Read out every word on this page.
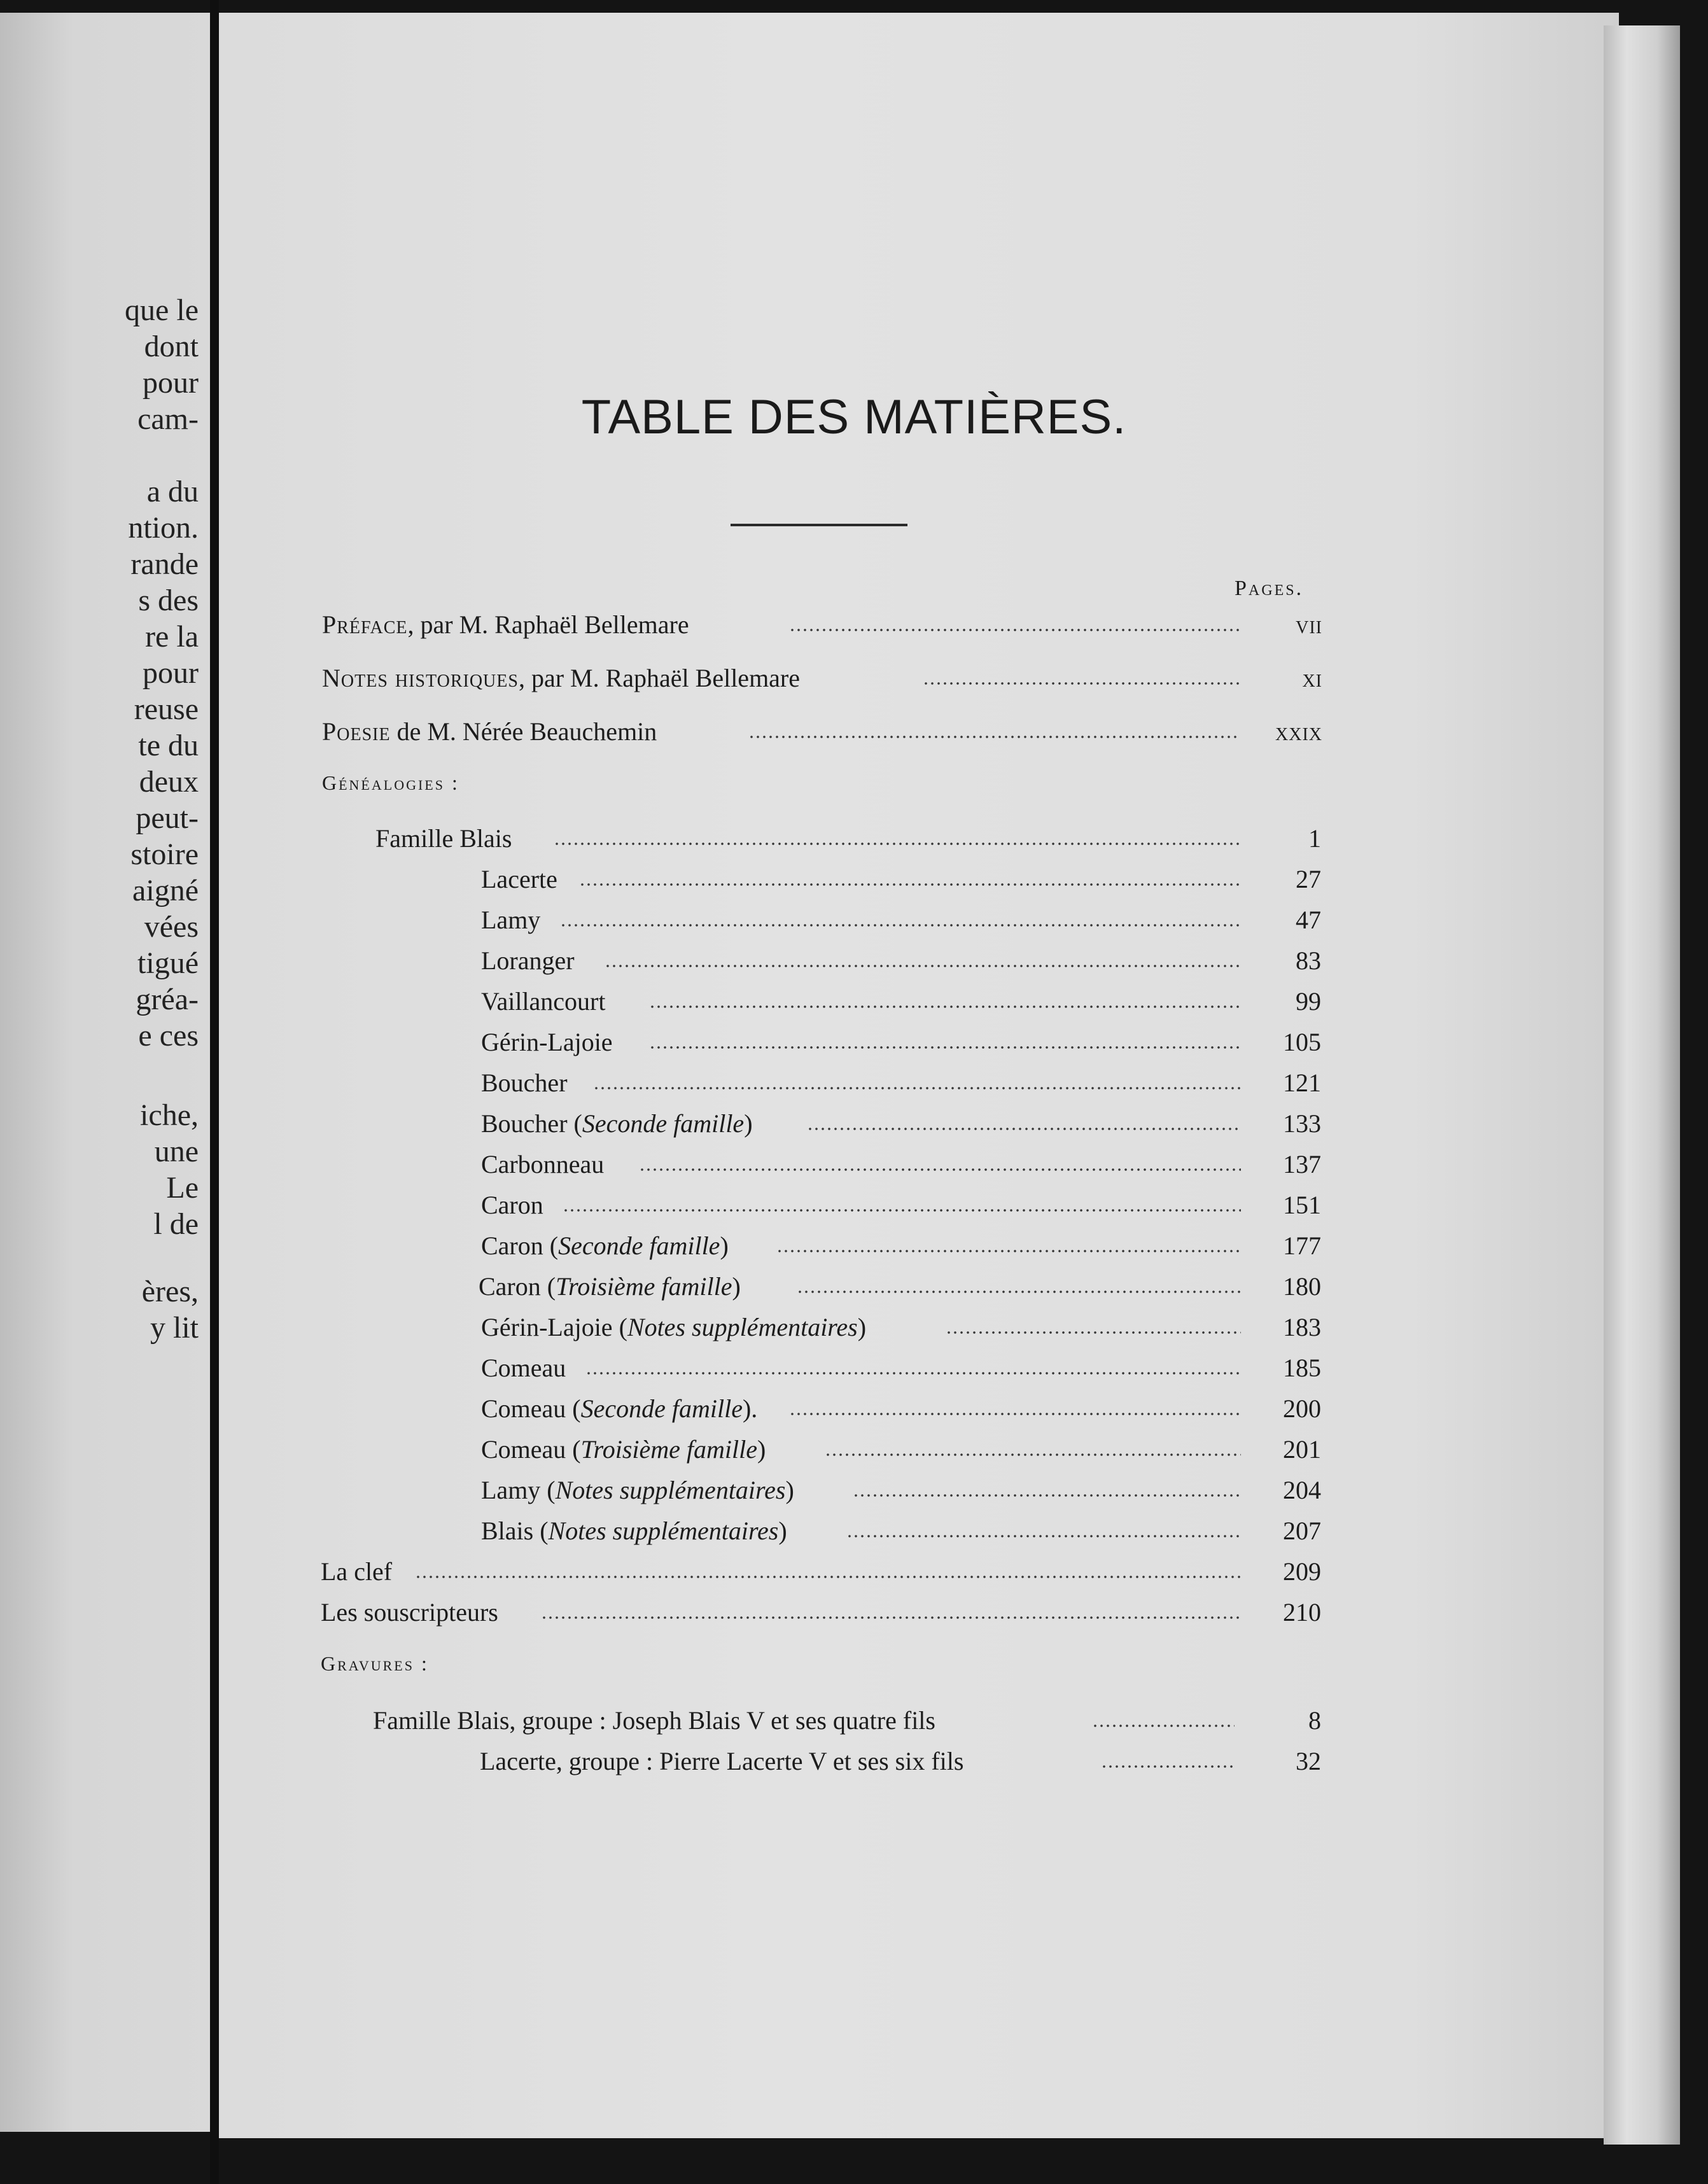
que le
dont
pour
cam-
a du
ntion.
rande
s des
re la
pour
reuse
te du
deux
peut-
stoire
aigné
vées
tigué
gréa-
e ces
iche,
une
Le
l de
ères,
y lit
TABLE DES MATIÈRES.
Pages.
Préface, par M. Raphaël Bellemare	vii
Notes historiques, par M. Raphaël Bellemare	xi
Poesie de M. Nérée Beauchemin	xxix
Généalogies :
Famille Blais	1
Lacerte	27
Lamy	47
Loranger	83
Vaillancourt	99
Gérin-Lajoie	105
Boucher	121
Boucher (Seconde famille)	133
Carbonneau	137
Caron	151
Caron (Seconde famille)	177
Caron (Troisième famille)	180
Gérin-Lajoie (Notes supplémentaires)	183
Comeau	185
Comeau (Seconde famille).	200
Comeau (Troisième famille)	201
Lamy (Notes supplémentaires)	204
Blais (Notes supplémentaires)	207
La clef	209
Les souscripteurs	210
Gravures :
Famille Blais, groupe : Joseph Blais V et ses quatre fils	8
Lacerte, groupe : Pierre Lacerte V et ses six fils	32
